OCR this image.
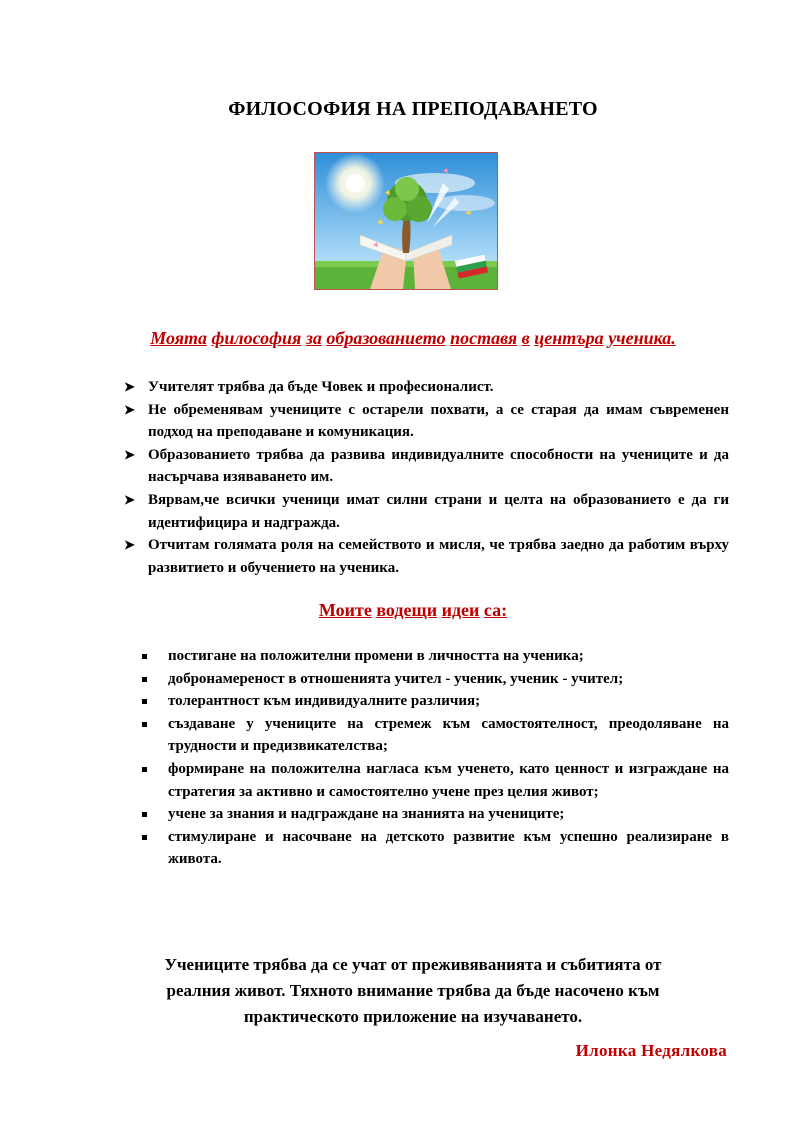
ФИЛОСОФИЯ НА ПРЕПОДАВАНЕТО
Моята философия за образованието поставя в центъра ученика.
➤ Учителят трябва да бъде Човек и професионалист.
➤ Не обременявам учениците с остарели похвати, а се старая да имам съвременен подход на преподаване и комуникация.
➤ Образованието трябва да развива индивидуалните способности на учениците и да насърчава изяваването им.
➤ Вярвам,че всички ученици имат силни страни и целта на образованието е да ги идентифицира и надгражда.
➤ Отчитам голямата роля на семейството и мисля, че трябва заедно да работим върху развитието и обучението на ученика.
Моите водещи идеи са:
постигане на положителни промени в личността на ученика;
добронамереност в отношенията учител - ученик, ученик - учител;
толерантност към индивидуалните различия;
създаване у учениците на стремеж към самостоятелност, преодоляване на трудности и предизвикателства;
формиране на положителна нагласа към ученето, като ценност и изграждане на стратегия за активно и самостоятелно учене през целия живот;
учене за знания и надграждане на знанията на учениците;
стимулиране и насочване на детското развитие към успешно реализиране в живота.
Учениците трябва да се учат от преживяванията и събитията от
реалния живот. Тяхното внимание трябва да бъде насочено към
практическото приложение на изучаването.
Илонка Недялкова
